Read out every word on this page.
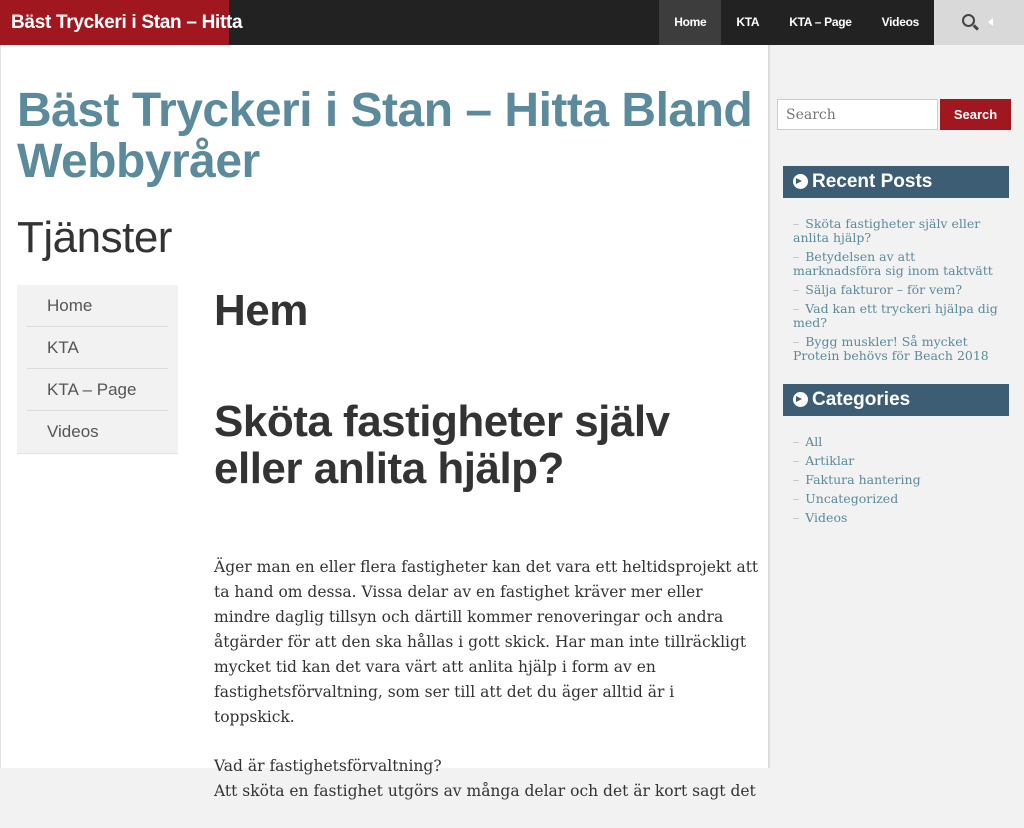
Bäst Tryckeri i Stan – Hitta	Home	KTA	KTA – Page	Videos
Bäst Tryckeri i Stan – Hitta Bland Webbyråer
Tjänster
Home
KTA
KTA – Page
Videos
Hem
Sköta fastigheter själv eller anlita hjälp?

Äger man en eller flera fastigheter kan det vara ett heltidsprojekt att ta hand om dessa. Vissa delar av en fastighet kräver mer eller mindre daglig tillsyn och därtill kommer renoveringar och andra åtgärder för att den ska hållas i gott skick. Har man inte tillräckligt mycket tid kan det vara värt att anlita hjälp i form av en fastighetsförvaltning, som ser till att det du äger alltid är i toppskick.

Vad är fastighetsförvaltning?

Att sköta en fastighet utgörs av många delar och det är kort sagt det

Search
Search
Recent Posts
– Sköta fastigheter själv eller anlita hjälp?
– Betydelsen av att marknadsföra sig inom taktvätt
– Sälja fakturor – för vem?
– Vad kan ett tryckeri hjälpa dig med?
– Bygg muskler! Så mycket Protein behövs för Beach 2018
Categories
– All
– Artiklar
– Faktura hantering
– Uncategorized
– Videos
